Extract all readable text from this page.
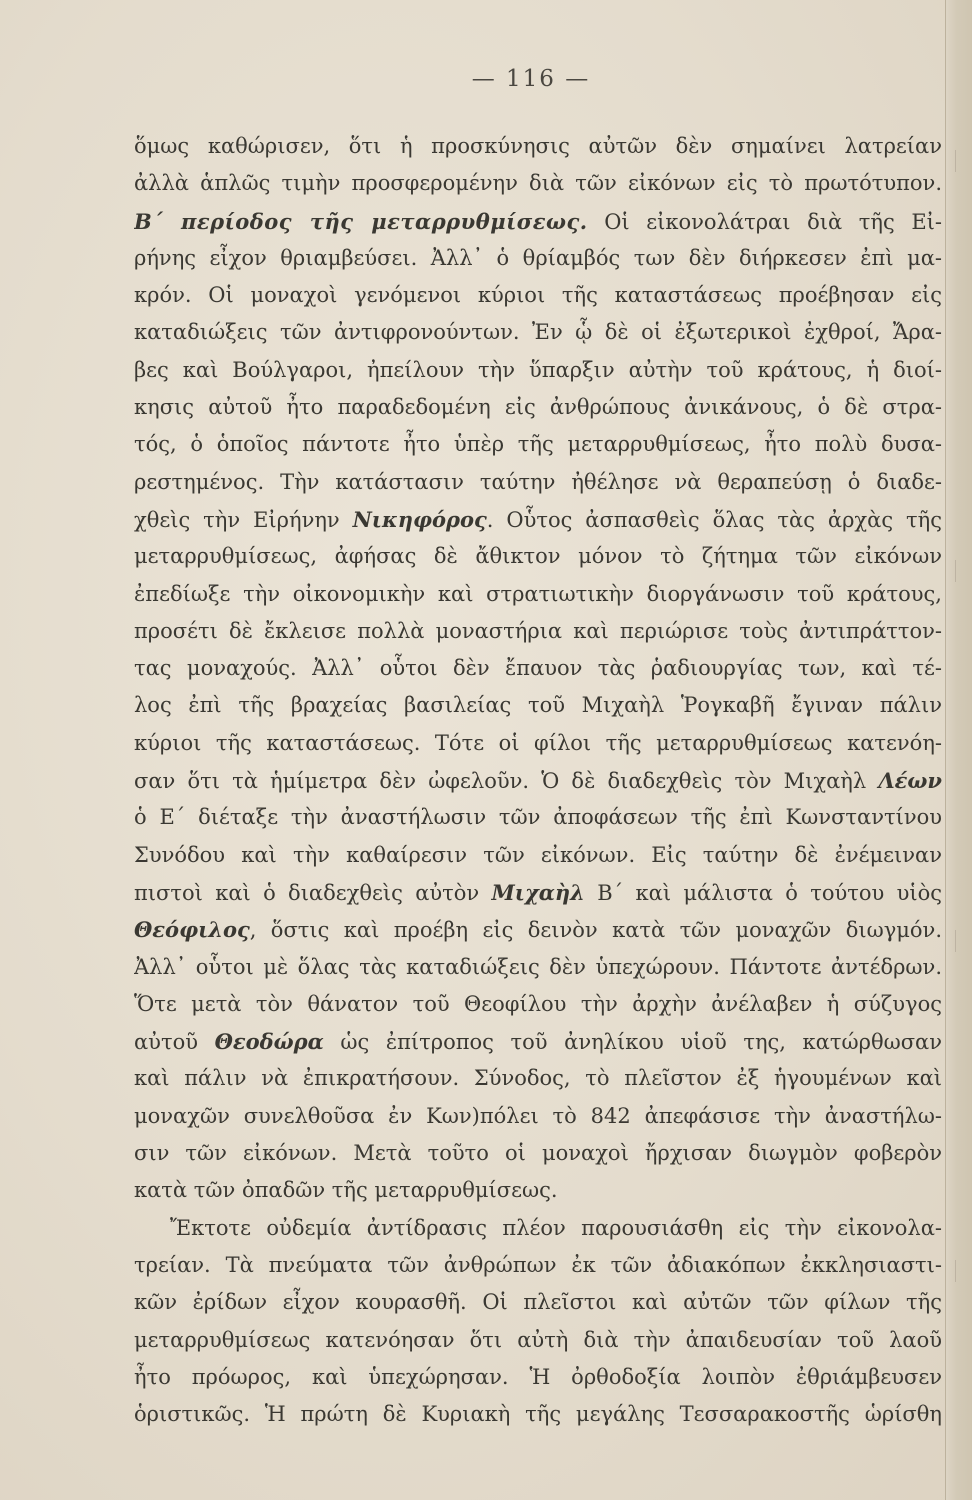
— 116 —
ὅμως καθώρισεν, ὅτι ἡ προσκύνησις αὐτῶν δὲν σημαίνει λατρείαν
ἀλλὰ ἁπλῶς τιμὴν προσφερομένην διὰ τῶν εἰκόνων εἰς τὸ πρωτότυπον.
Β΄ περίοδος τῆς μεταρρυθμίσεως. Οἱ εἰκονολάτραι διὰ τῆς Εἰ-
ρήνης εἶχον θριαμβεύσει. Ἀλλ᾽ ὁ θρίαμβός των δὲν διήρκεσεν ἐπὶ μα-
κρόν. Οἱ μοναχοὶ γενόμενοι κύριοι τῆς καταστάσεως προέβησαν εἰς
καταδιώξεις τῶν ἀντιφρονούντων. Ἐν ᾧ δὲ οἱ ἐξωτερικοὶ ἐχθροί, Ἄρα-
βες καὶ Βούλγαροι, ἠπείλουν τὴν ὕπαρξιν αὐτὴν τοῦ κράτους, ἡ διοί-
κησις αὐτοῦ ἦτο παραδεδομένη εἰς ἀνθρώπους ἀνικάνους, ὁ δὲ στρα-
τός, ὁ ὁποῖος πάντοτε ἦτο ὑπὲρ τῆς μεταρρυθμίσεως, ἦτο πολὺ δυσα-
ρεστημένος. Τὴν κατάστασιν ταύτην ἠθέλησε νὰ θεραπεύσῃ ὁ διαδε-
χθεὶς τὴν Εἰρήνην Νικηφόρος. Οὗτος ἀσπασθεὶς ὅλας τὰς ἀρχὰς τῆς
μεταρρυθμίσεως, ἀφήσας δὲ ἄθικτον μόνον τὸ ζήτημα τῶν εἰκόνων
ἐπεδίωξε τὴν οἰκονομικὴν καὶ στρατιωτικὴν διοργάνωσιν τοῦ κράτους,
προσέτι δὲ ἔκλεισε πολλὰ μοναστήρια καὶ περιώρισε τοὺς ἀντιπράττον-
τας μοναχούς. Ἀλλ᾽ οὗτοι δὲν ἔπαυον τὰς ῥαδιουργίας των, καὶ τέ-
λος ἐπὶ τῆς βραχείας βασιλείας τοῦ Μιχαὴλ Ῥογκαβῆ ἔγιναν πάλιν
κύριοι τῆς καταστάσεως. Τότε οἱ φίλοι τῆς μεταρρυθμίσεως κατενόη-
σαν ὅτι τὰ ἡμίμετρα δὲν ὠφελοῦν. Ὁ δὲ διαδεχθεὶς τὸν Μιχαὴλ Λέων
ὁ Ε΄ διέταξε τὴν ἀναστήλωσιν τῶν ἀποφάσεων τῆς ἐπὶ Κωνσταντίνου
Συνόδου καὶ τὴν καθαίρεσιν τῶν εἰκόνων. Εἰς ταύτην δὲ ἐνέμειναν
πιστοὶ καὶ ὁ διαδεχθεὶς αὐτὸν Μιχαὴλ Β΄ καὶ μάλιστα ὁ τούτου υἱὸς
Θεόφιλος, ὅστις καὶ προέβη εἰς δεινὸν κατὰ τῶν μοναχῶν διωγμόν.
Ἀλλ᾽ οὗτοι μὲ ὅλας τὰς καταδιώξεις δὲν ὑπεχώρουν. Πάντοτε ἀντέδρων.
Ὅτε μετὰ τὸν θάνατον τοῦ Θεοφίλου τὴν ἀρχὴν ἀνέλαβεν ἡ σύζυγος
αὐτοῦ Θεοδώρα ὡς ἐπίτροπος τοῦ ἀνηλίκου υἱοῦ της, κατώρθωσαν
καὶ πάλιν νὰ ἐπικρατήσουν. Σύνοδος, τὸ πλεῖστον ἐξ ἡγουμένων καὶ
μοναχῶν συνελθοῦσα ἐν Κων)πόλει τὸ 842 ἀπεφάσισε τὴν ἀναστήλω-
σιν τῶν εἰκόνων. Μετὰ τοῦτο οἱ μοναχοὶ ἤρχισαν διωγμὸν φοβερὸν
κατὰ τῶν ὀπαδῶν τῆς μεταρρυθμίσεως.
Ἔκτοτε οὐδεμία ἀντίδρασις πλέον παρουσιάσθη εἰς τὴν εἰκονολα-
τρείαν. Τὰ πνεύματα τῶν ἀνθρώπων ἐκ τῶν ἀδιακόπων ἐκκλησιαστι-
κῶν ἐρίδων εἶχον κουρασθῆ. Οἱ πλεῖστοι καὶ αὐτῶν τῶν φίλων τῆς
μεταρρυθμίσεως κατενόησαν ὅτι αὐτὴ διὰ τὴν ἀπαιδευσίαν τοῦ λαοῦ
ἦτο πρόωρος, καὶ ὑπεχώρησαν. Ἡ ὀρθοδοξία λοιπὸν ἐθριάμβευσεν
ὁριστικῶς. Ἡ πρώτη δὲ Κυριακὴ τῆς μεγάλης Τεσσαρακοστῆς ὡρίσθη
